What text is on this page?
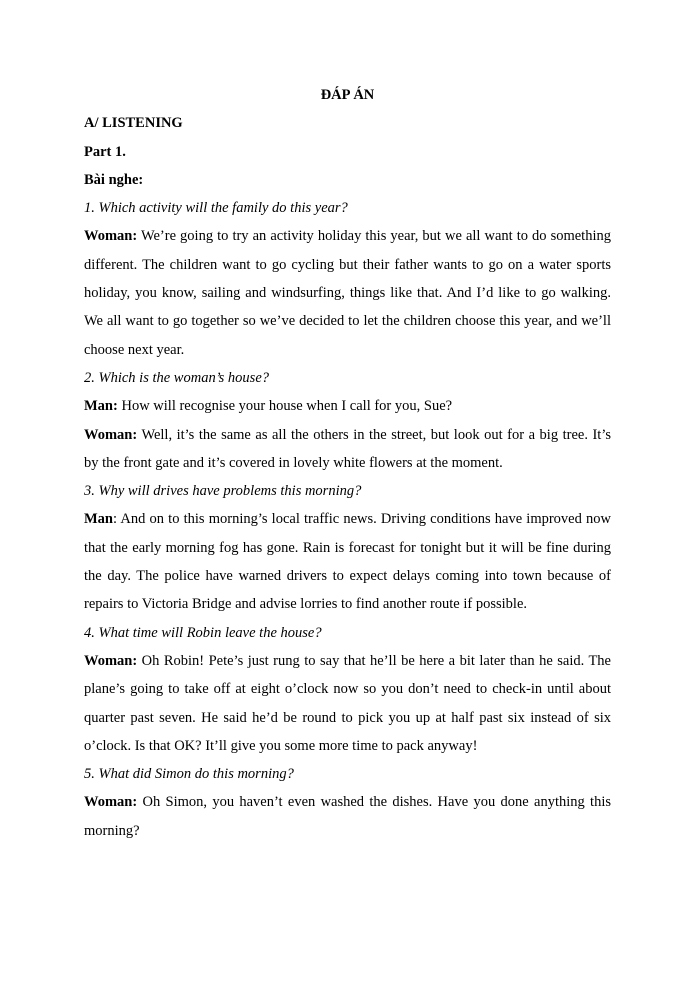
ĐÁP ÁN
A/ LISTENING
Part 1.
Bài nghe:
1. Which activity will the family do this year?
Woman: We’re going to try an activity holiday this year, but we all want to do something different. The children want to go cycling but their father wants to go on a water sports holiday, you know, sailing and windsurfing, things like that. And I’d like to go walking. We all want to go together so we’ve decided to let the children choose this year, and we’ll choose next year.
2. Which is the woman’s house?
Man: How will recognise your house when I call for you, Sue?
Woman: Well, it’s the same as all the others in the street, but look out for a big tree. It’s by the front gate and it’s covered in lovely white flowers at the moment.
3. Why will drives have problems this morning?
Man: And on to this morning’s local traffic news. Driving conditions have improved now that the early morning fog has gone. Rain is forecast for tonight but it will be fine during the day. The police have warned drivers to expect delays coming into town because of repairs to Victoria Bridge and advise lorries to find another route if possible.
4. What time will Robin leave the house?
Woman: Oh Robin! Pete’s just rung to say that he’ll be here a bit later than he said. The plane’s going to take off at eight o’clock now so you don’t need to check-in until about quarter past seven. He said he’d be round to pick you up at half past six instead of six o’clock. Is that OK? It’ll give you some more time to pack anyway!
5. What did Simon do this morning?
Woman: Oh Simon, you haven’t even washed the dishes. Have you done anything this morning?
